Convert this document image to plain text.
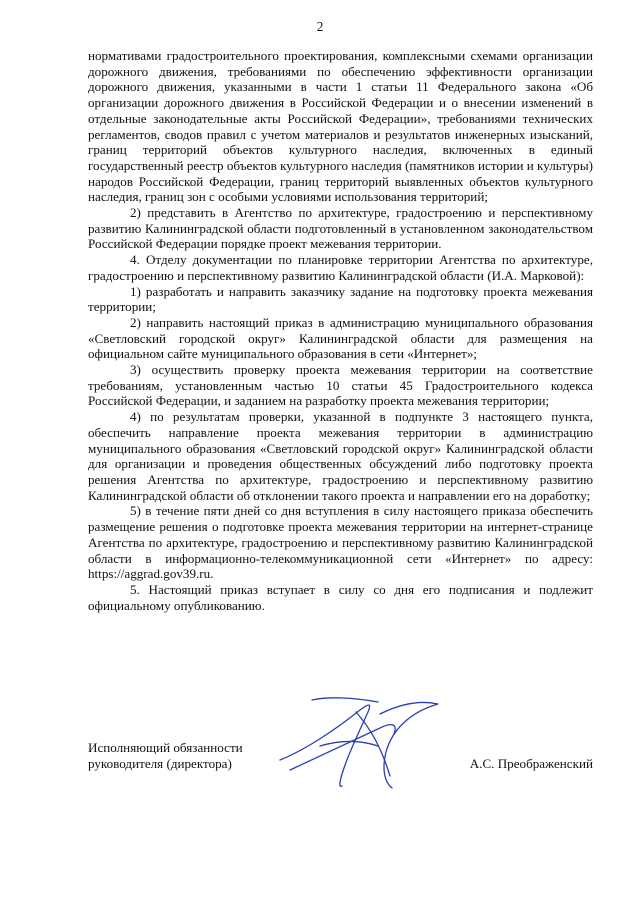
2

нормативами градостроительного проектирования, комплексными схемами организации дорожного движения, требованиями по обеспечению эффективности организации дорожного движения, указанными в части 1 статьи 11 Федерального закона «Об организации дорожного движения в Российской Федерации и о внесении изменений в отдельные законодательные акты Российской Федерации», требованиями технических регламентов, сводов правил с учетом материалов и результатов инженерных изысканий, границ территорий объектов культурного наследия, включенных в единый государственный реестр объектов культурного наследия (памятников истории и культуры) народов Российской Федерации, границ территорий выявленных объектов культурного наследия, границ зон с особыми условиями использования территорий;

2) представить в Агентство по архитектуре, градостроению и перспективному развитию Калининградской области подготовленный в установленном законодательством Российской Федерации порядке проект межевания территории.

4. Отделу документации по планировке территории Агентства по архитектуре, градостроению и перспективному развитию Калининградской области (И.А. Марковой):

1) разработать и направить заказчику задание на подготовку проекта межевания территории;

2) направить настоящий приказ в администрацию муниципального образования «Светловский городской округ» Калининградской области для размещения на официальном сайте муниципального образования в сети «Интернет»;

3) осуществить проверку проекта межевания территории на соответствие требованиям, установленным частью 10 статьи 45 Градостроительного кодекса Российской Федерации, и заданием на разработку проекта межевания территории;

4) по результатам проверки, указанной в подпункте 3 настоящего пункта, обеспечить направление проекта межевания территории в администрацию муниципального образования «Светловский городской округ» Калининградской области для организации и проведения общественных обсуждений либо подготовку проекта решения Агентства по архитектуре, градостроению и перспективному развитию Калининградской области об отклонении такого проекта и направлении его на доработку;

5) в течение пяти дней со дня вступления в силу настоящего приказа обеспечить размещение решения о подготовке проекта межевания территории на интернет-странице Агентства по архитектуре, градостроению и перспективному развитию Калининградской области в информационно-телекоммуникационной сети «Интернет» по адресу: https://aggrad.gov39.ru.

5. Настоящий приказ вступает в силу со дня его подписания и подлежит официальному опубликованию.

Исполняющий обязанности
руководителя (директора)	А.С. Преображенский
